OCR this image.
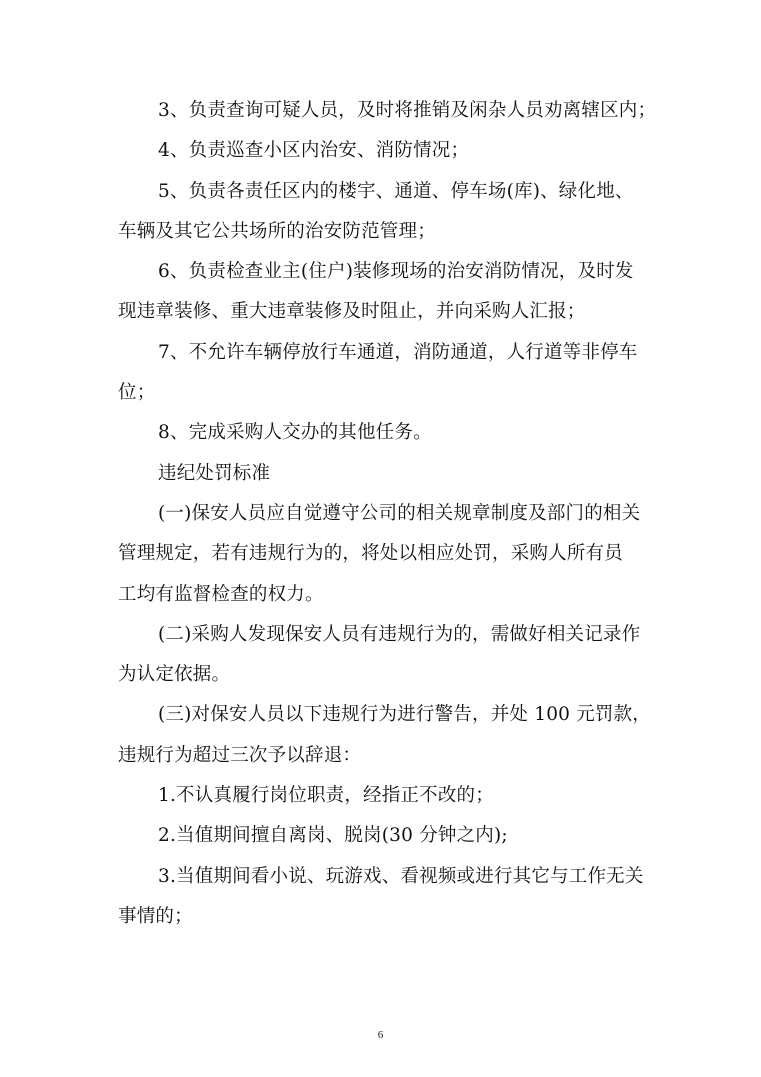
3、负责查询可疑人员，及时将推销及闲杂人员劝离辖区内；
4、负责巡查小区内治安、消防情况；
5、负责各责任区内的楼宇、通道、停车场(库)、绿化地、
车辆及其它公共场所的治安防范管理；
6、负责检查业主(住户)装修现场的治安消防情况，及时发
现违章装修、重大违章装修及时阻止，并向采购人汇报；
7、不允许车辆停放行车通道，消防通道，人行道等非停车
位；
8、完成采购人交办的其他任务。
违纪处罚标准
(一)保安人员应自觉遵守公司的相关规章制度及部门的相关
管理规定，若有违规行为的，将处以相应处罚，采购人所有员
工均有监督检查的权力。
(二)采购人发现保安人员有违规行为的，需做好相关记录作
为认定依据。
(三)对保安人员以下违规行为进行警告，并处 100 元罚款，
违规行为超过三次予以辞退：
1.不认真履行岗位职责，经指正不改的；
2.当值期间擅自离岗、脱岗(30 分钟之内);
3.当值期间看小说、玩游戏、看视频或进行其它与工作无关
事情的；
6
